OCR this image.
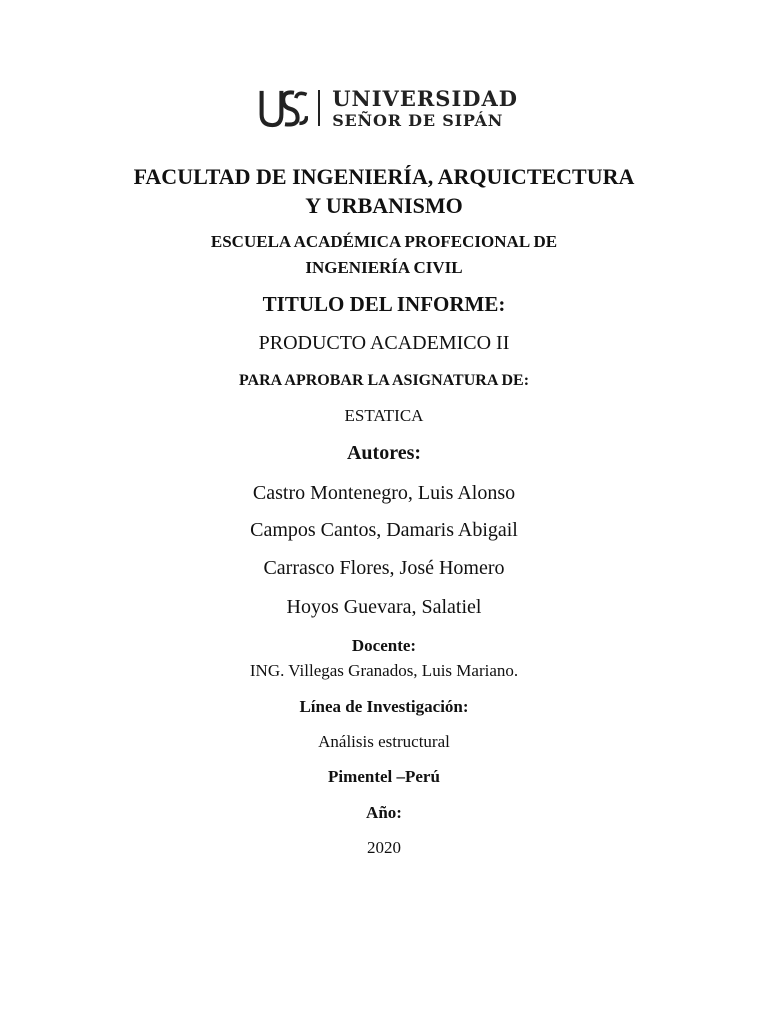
UNIVERSIDAD
SEÑOR DE SIPÁN
FACULTAD DE INGENIERÍA, ARQUICTECTURA
Y URBANISMO
ESCUELA ACADÉMICA PROFECIONAL DE
INGENIERÍA CIVIL
TITULO DEL INFORME:
PRODUCTO ACADEMICO II
PARA APROBAR LA ASIGNATURA DE:
ESTATICA
Autores:
Castro Montenegro, Luis Alonso
Campos Cantos, Damaris Abigail
Carrasco Flores, José Homero
Hoyos Guevara, Salatiel
Docente:
ING. Villegas Granados, Luis Mariano.
Línea de Investigación:
Análisis estructural
Pimentel –Perú
Año:
2020
